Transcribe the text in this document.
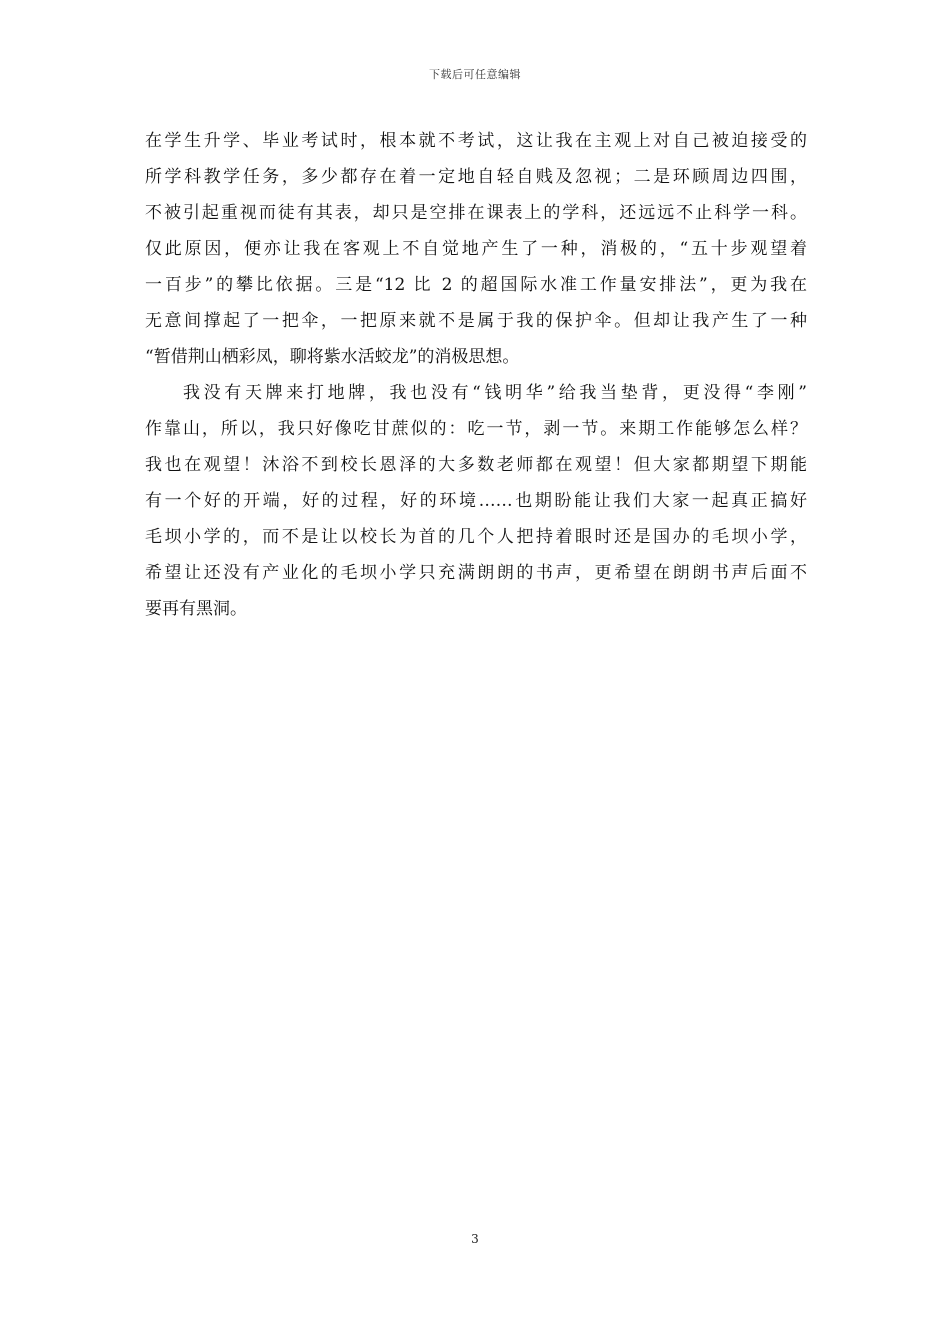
下载后可任意编辑
在学生升学、毕业考试时，根本就不考试，这让我在主观上对自己被迫接受的
所学科教学任务，多少都存在着一定地自轻自贱及忽视；二是环顾周边四围，
不被引起重视而徒有其表，却只是空排在课表上的学科，还远远不止科学一科。
仅此原因，便亦让我在客观上不自觉地产生了一种，消极的，“五十步观望着
一百步”的攀比依据。三是“12 比 2 的超国际水准工作量安排法”，更为我在
无意间撑起了一把伞，一把原来就不是属于我的保护伞。但却让我产生了一种
“暂借荆山栖彩凤，聊将紫水活蛟龙”的消极思想。
我没有天牌来打地牌，我也没有“钱明华”给我当垫背，更没得“李刚”
作靠山，所以，我只好像吃甘蔗似的：吃一节，剥一节。来期工作能够怎么样？
我也在观望！沐浴不到校长恩泽的大多数老师都在观望！但大家都期望下期能
有一个好的开端，好的过程，好的环境……也期盼能让我们大家一起真正搞好
毛坝小学的，而不是让以校长为首的几个人把持着眼时还是国办的毛坝小学，
希望让还没有产业化的毛坝小学只充满朗朗的书声，更希望在朗朗书声后面不
要再有黑洞。
3
